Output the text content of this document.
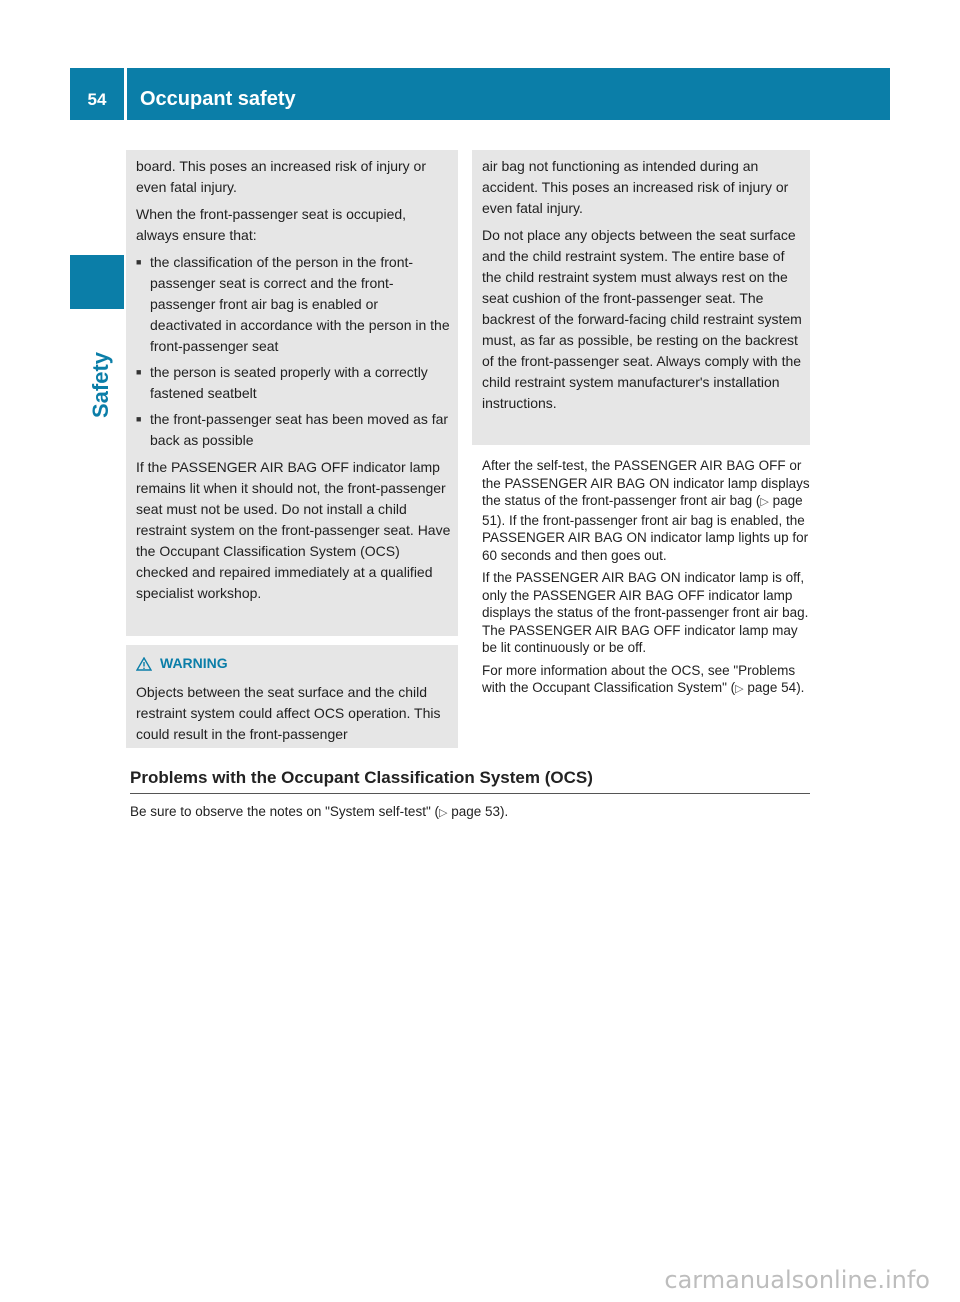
54	Occupant safety
Safety

board. This poses an increased risk of injury or even fatal injury.

When the front-passenger seat is occupied, always ensure that:

■ the classification of the person in the front-passenger seat is correct and the front-passenger front air bag is enabled or deactivated in accordance with the person in the front-passenger seat
■ the person is seated properly with a correctly fastened seatbelt
■ the front-passenger seat has been moved as far back as possible

If the PASSENGER AIR BAG OFF indicator lamp remains lit when it should not, the front-passenger seat must not be used. Do not install a child restraint system on the front-passenger seat. Have the Occupant Classification System (OCS) checked and repaired immediately at a qualified specialist workshop.

WARNING

Objects between the seat surface and the child restraint system could affect OCS operation. This could result in the front-passenger

air bag not functioning as intended during an accident. This poses an increased risk of injury or even fatal injury.

Do not place any objects between the seat surface and the child restraint system. The entire base of the child restraint system must always rest on the seat cushion of the front-passenger seat. The backrest of the forward-facing child restraint system must, as far as possible, be resting on the backrest of the front-passenger seat. Always comply with the child restraint system manufacturer's installation instructions.

After the self-test, the PASSENGER AIR BAG OFF or the PASSENGER AIR BAG ON indicator lamp displays the status of the front-passenger front air bag (▷ page 51). If the front-passenger front air bag is enabled, the PASSENGER AIR BAG ON indicator lamp lights up for 60 seconds and then goes out.

If the PASSENGER AIR BAG ON indicator lamp is off, only the PASSENGER AIR BAG OFF indicator lamp displays the status of the front-passenger front air bag. The PASSENGER AIR BAG OFF indicator lamp may be lit continuously or be off.

For more information about the OCS, see "Problems with the Occupant Classification System" (▷ page 54).

Problems with the Occupant Classification System (OCS)
Be sure to observe the notes on "System self-test" (▷ page 53).
carmanualsonline.info
